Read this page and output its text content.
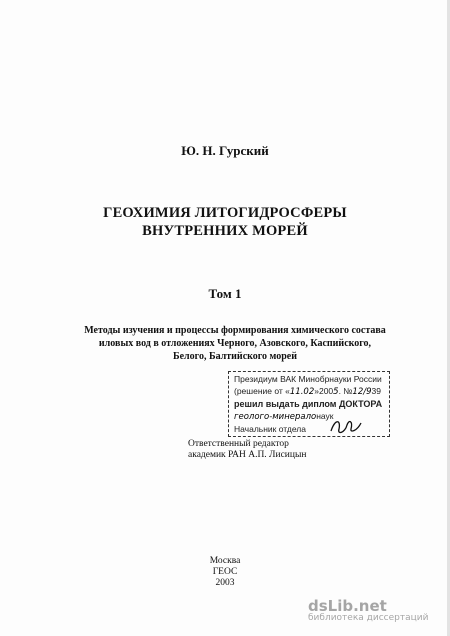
Ю. Н. Гурский
ГЕОХИМИЯ ЛИТОГИДРОСФЕРЫ
ВНУТРЕННИХ МОРЕЙ
Том 1
Методы изучения и процессы формирования химического состава
иловых вод в отложениях Черного, Азовского, Каспийского,
Белого, Балтийского морей
Президиум ВАК Минобрнауки России
(решение от «11.02»2005. №12/939
решил выдать диплом ДОКТОРА
геолого-минералонаук
Начальник отдела
Ответственный редактор
академик РАН А.П. Лисицын
Москва
ГЕОС
2003
dsLib.net
библиотека диссертаций
